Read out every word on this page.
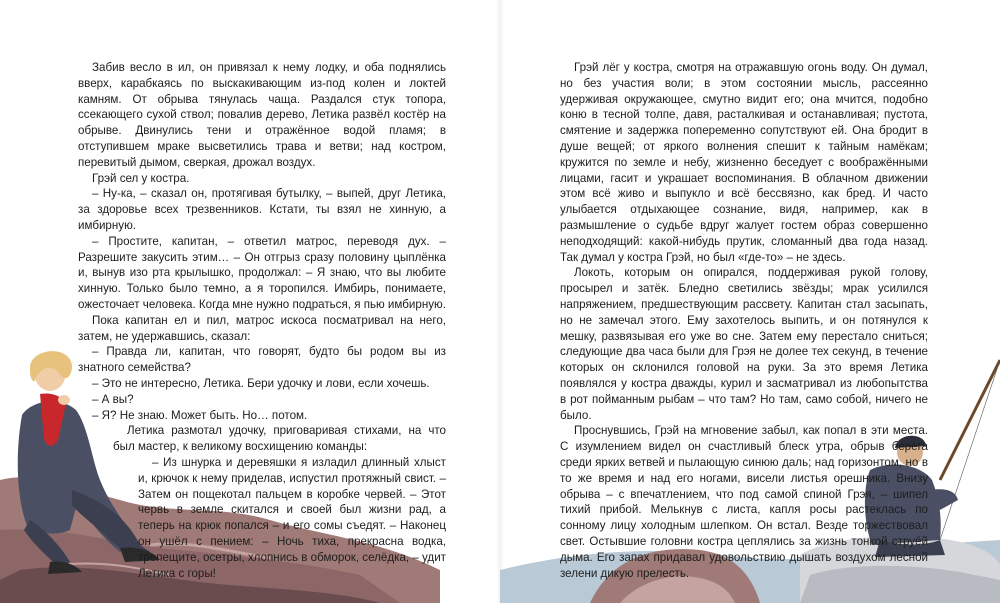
Забив весло в ил, он привязал к нему лодку, и оба поднялись вверх, карабкаясь по выскакивающим из-под колен и локтей камням. От обрыва тянулась чаща. Раздался стук топора, ссекающего сухой ствол; повалив дерево, Летика развёл костёр на обрыве. Двинулись тени и отражённое водой пламя; в отступившем мраке высветились трава и ветви; над костром, перевитый дымом, сверкая, дрожал воздух.

Грэй сел у костра.

– Ну-ка, – сказал он, протягивая бутылку, – выпей, друг Летика, за здоровье всех трезвенников. Кстати, ты взял не хинную, а имбирную.

– Простите, капитан, – ответил матрос, переводя дух. – Разрешите закусить этим… – Он отгрыз сразу половину цыплёнка и, вынув изо рта крылышко, продолжал: – Я знаю, что вы любите хинную. Только было темно, а я торопился. Имбирь, понимаете, ожесточает человека. Когда мне нужно подраться, я пью имбирную.

Пока капитан ел и пил, матрос искоса посматривал на него, затем, не удержавшись, сказал:

– Правда ли, капитан, что говорят, будто бы родом вы из знатного семейства?

– Это не интересно, Летика. Бери удочку и лови, если хочешь.

– А вы?

– Я? Не знаю. Может быть. Но… потом.

Летика размотал удочку, приговаривая стихами, на что был мастер, к великому восхищению команды:

– Из шнурка и деревяшки я изладил длинный хлыст и, крючок к нему приделав, испустил протяжный свист. – Затем он пощекотал пальцем в коробке червей. – Этот червь в земле скитался и своей был жизни рад, а теперь на крюк попался – и его сомы съедят. – Наконец он ушёл с пением: – Ночь тиха, прекрасна водка, трепещите, осетры, хлопнись в обморок, селёдка, – удит Летика с горы!

Грэй лёг у костра, смотря на отражавшую огонь воду. Он думал, но без участия воли; в этом состоянии мысль, рассеянно удерживая окружающее, смутно видит его; она мчится, подобно коню в тесной толпе, давя, расталкивая и останавливая; пустота, смятение и задержка попеременно сопутствуют ей. Она бродит в душе вещей; от яркого волнения спешит к тайным намёкам; кружится по земле и небу, жизненно беседует с воображёнными лицами, гасит и украшает воспоминания. В облачном движении этом всё живо и выпукло и всё бессвязно, как бред. И часто улыбается отдыхающее сознание, видя, например, как в размышление о судьбе вдруг жалует гостем образ совершенно неподходящий: какой-нибудь прутик, сломанный два года назад. Так думал у костра Грэй, но был «где-то» – не здесь.

Локоть, которым он опирался, поддерживая рукой голову, просырел и затёк. Бледно светились звёзды; мрак усилился напряжением, предшествующим рассвету. Капитан стал засыпать, но не замечал этого. Ему захотелось выпить, и он потянулся к мешку, развязывая его уже во сне. Затем ему перестало сниться; следующие два часа были для Грэя не долее тех секунд, в течение которых он склонился головой на руки. За это время Летика появлялся у костра дважды, курил и засматривал из любопытства в рот пойманным рыбам – что там? Но там, само собой, ничего не было.

Проснувшись, Грэй на мгновение забыл, как попал в эти места. С изумлением видел он счастливый блеск утра, обрыв берега среди ярких ветвей и пылающую синюю даль; над горизонтом, но в то же время и над его ногами, висели листья орешника. Внизу обрыва – с впечатлением, что под самой спиной Грэя, – шипел тихий прибой. Мелькнув с листа, капля росы растеклась по сонному лицу холодным шлепком. Он встал. Везде торжествовал свет. Остывшие головни костра цеплялись за жизнь тонкой струёй дыма. Его запах придавал удовольствию дышать воздухом лесной зелени дикую прелесть.
